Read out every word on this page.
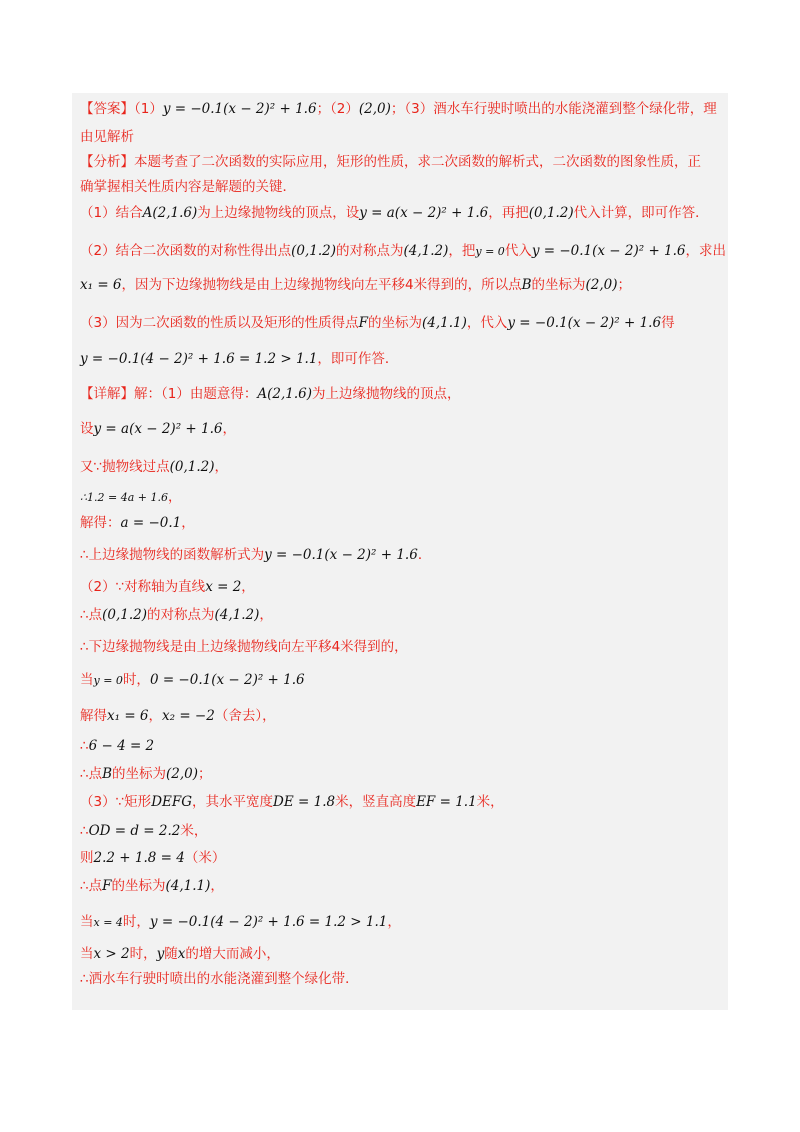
【答案】（1）y = −0.1(x − 2)² + 1.6；（2）(2,0)；（3）酒水车行驶时喷出的水能浇灌到整个绿化带，理
由见解析
【分析】本题考查了二次函数的实际应用，矩形的性质，求二次函数的解析式，二次函数的图象性质，正
确掌握相关性质内容是解题的关键．
（1）结合A(2,1.6)为上边缘抛物线的顶点，设y = a(x − 2)² + 1.6，再把(0,1.2)代入计算，即可作答．
（2）结合二次函数的对称性得出点(0,1.2)的对称点为(4,1.2)，把y = 0代入y = −0.1(x − 2)² + 1.6，求出
x₁ = 6，因为下边缘抛物线是由上边缘抛物线向左平移4米得到的，所以点B的坐标为(2,0)；
（3）因为二次函数的性质以及矩形的性质得点F的坐标为(4,1.1)，代入y = −0.1(x − 2)² + 1.6得
y = −0.1(4 − 2)² + 1.6 = 1.2 > 1.1，即可作答．
【详解】解：（1）由题意得：A(2,1.6)为上边缘抛物线的顶点，
设y = a(x − 2)² + 1.6，
又∵抛物线过点(0,1.2)，
∴1.2 = 4a + 1.6，
解得：a = −0.1，
∴上边缘抛物线的函数解析式为y = −0.1(x − 2)² + 1.6．
（2）∵对称轴为直线x = 2，
∴点(0,1.2)的对称点为(4,1.2)，
∴下边缘抛物线是由上边缘抛物线向左平移4米得到的，
当y = 0时，0 = −0.1(x − 2)² + 1.6
解得x₁ = 6，x₂ = −2（舍去），
∴6 − 4 = 2
∴点B的坐标为(2,0)；
（3）∵矩形DEFG，其水平宽度DE = 1.8米，竖直高度EF = 1.1米，
∴OD = d = 2.2米，
则2.2 + 1.8 = 4（米）
∴点F的坐标为(4,1.1)，
当x = 4时，y = −0.1(4 − 2)² + 1.6 = 1.2 > 1.1，
当x > 2时，y随x的增大而减小，
∴洒水车行驶时喷出的水能浇灌到整个绿化带．
